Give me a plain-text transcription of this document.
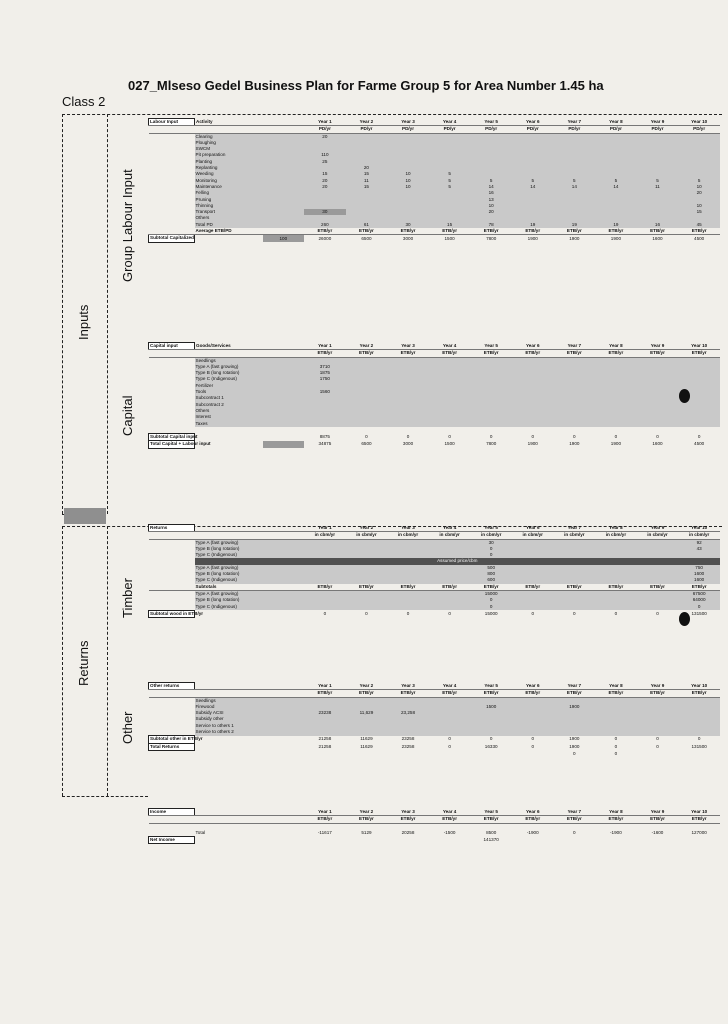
027_Mlseso Gedel Business Plan for Farme Group 5 for Area Number 1.45 ha
Class 2
Inputs
Returns
Group Labour Input
Capital
Timber
Other
Labour Input	Activity		Year 1	Year 2	Year 3	Year 4	Year 5	Year 6	Year 7	Year 8	Year 9	Year 10
			PD/yr	PD/yr	PD/yr	PD/yr	PD/yr	PD/yr	PD/yr	PD/yr	PD/yr	PD/yr
	Clearing		20									
	Ploughing											
	SWCM											
	Pit preparation		110									
	Planting		25									
	Replanting			20								
	Weeding		15	15	10	5						
	Monitoring		20	11	10	5	5	5	5	5	5	5
	Maintenance		20	15	10	5	14	14	14	14	11	10
	Felling						16					20
	Pruning						13					
	Thinning						10					10
	Transport		30				20					15
	Others											
	Total PD		260	61	30	15	78	19	19	19	16	45
	Average ETB/PD		ETB/yr	ETB/yr	ETB/yr	ETB/yr	ETB/yr	ETB/yr	ETB/yr	ETB/yr	ETB/yr	ETB/yr
Subtotal Capitalized		100	26000	6500	3000	1500	7800	1900	1900	1900	1600	4500
Capital input	Goods/Services		Year 1	Year 2	Year 3	Year 4	Year 5	Year 6	Year 7	Year 8	Year 9	Year 10
			ETB/yr	ETB/yr	ETB/yr	ETB/yr	ETB/yr	ETB/yr	ETB/yr	ETB/yr	ETB/yr	ETB/yr
	Seedlings											
	Type A (fast growing)		3710									
	Type B (long rotation)		1875									
	Type C (Indigenous)		1750									
	Fertilizer											
	Tools		1560									
	Subcontract 1											
	Subcontract 2											
	Others											
	Interest											
	Taxes											

Subtotal Capital input			8875	0	0	0	0	0	0	0	0	0
Total Capital + Labour input			34875	6500	3000	1500	7800	1900	1900	1900	1600	4500
Returns			Year 1	Year 2	Year 3	Year 4	Year 5	Year 6	Year 7	Year 8	Year 9	Year 10
			in cbm/yr	in cbm/yr	in cbm/yr	in cbm/yr	in cbm/yr	in cbm/yr	in cbm/yr	in cbm/yr	in cbm/yr	in cbm/yr
	Type A (fast growing)						30					92
	Type B (long rotation)						0					43
	Type C (Indigenous)						0					
	Assumed price/cbm											
	Type A (fast growing)						500					750
	Type B (long rotation)						800					1600
	Type C (Indigenous)						600					1600
	Subtotals		ETB/yr	ETB/yr	ETB/yr	ETB/yr	ETB/yr	ETB/yr	ETB/yr	ETB/yr	ETB/yr	ETB/yr
	Type A (fast growing)						15000					67500
	Type B (long rotation)						0					64000
	Type C (Indigenous)						0					0
Subtotal wood in ETB/yr			0	0	0	0	15000	0	0	0	0	131500
Other returns			Year 1	Year 2	Year 3	Year 4	Year 5	Year 6	Year 7	Year 8	Year 9	Year 10
			ETB/yr	ETB/yr	ETB/yr	ETB/yr	ETB/yr	ETB/yr	ETB/yr	ETB/yr	ETB/yr	ETB/yr
	Seedlings											
	Firewood						1500		1900			
	Subsidy ACSI		23238	11,629	23,258							
	Subsidy other											
	Service to others 1											
	Service to others 2											
Subtotal other in ETB/yr			21258	11629	23258	0	0	0	1900	0	0	0
Total Returns			21258	11629	23258	0	16330	0	1900	0	0	131500
									0	0		
Income			Year 1	Year 2	Year 3	Year 4	Year 5	Year 6	Year 7	Year 8	Year 9	Year 10
			ETB/yr	ETB/yr	ETB/yr	ETB/yr	ETB/yr	ETB/yr	ETB/yr	ETB/yr	ETB/yr	ETB/yr

	Total		-11617	5129	20258	-1500	8500	-1900	0	-1900	-1600	127000
Net Income							141370					
